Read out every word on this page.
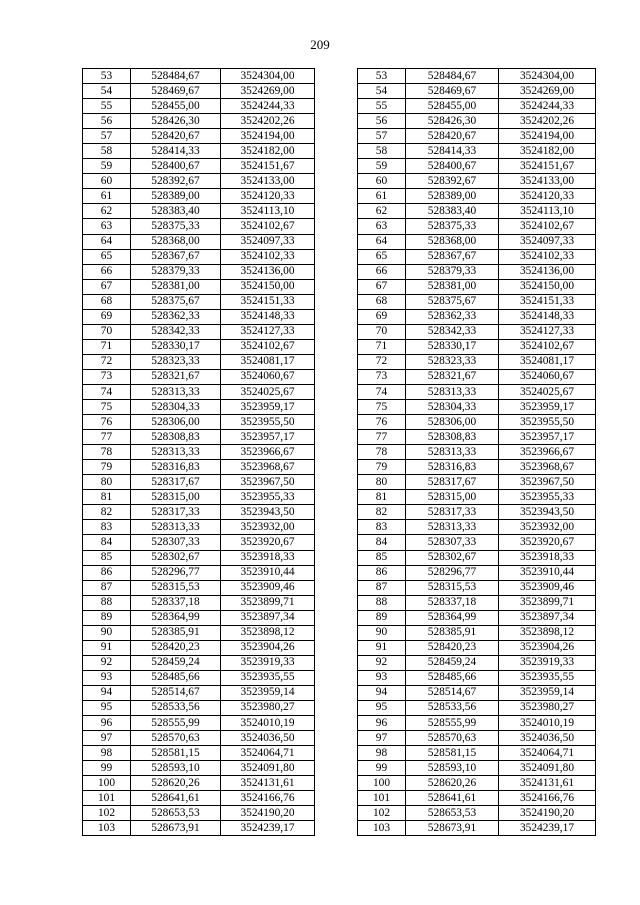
209
53	528484,67	3524304,00
54	528469,67	3524269,00
55	528455,00	3524244,33
56	528426,30	3524202,26
57	528420,67	3524194,00
58	528414,33	3524182,00
59	528400,67	3524151,67
60	528392,67	3524133,00
61	528389,00	3524120,33
62	528383,40	3524113,10
63	528375,33	3524102,67
64	528368,00	3524097,33
65	528367,67	3524102,33
66	528379,33	3524136,00
67	528381,00	3524150,00
68	528375,67	3524151,33
69	528362,33	3524148,33
70	528342,33	3524127,33
71	528330,17	3524102,67
72	528323,33	3524081,17
73	528321,67	3524060,67
74	528313,33	3524025,67
75	528304,33	3523959,17
76	528306,00	3523955,50
77	528308,83	3523957,17
78	528313,33	3523966,67
79	528316,83	3523968,67
80	528317,67	3523967,50
81	528315,00	3523955,33
82	528317,33	3523943,50
83	528313,33	3523932,00
84	528307,33	3523920,67
85	528302,67	3523918,33
86	528296,77	3523910,44
87	528315,53	3523909,46
88	528337,18	3523899,71
89	528364,99	3523897,34
90	528385,91	3523898,12
91	528420,23	3523904,26
92	528459,24	3523919,33
93	528485,66	3523935,55
94	528514,67	3523959,14
95	528533,56	3523980,27
96	528555,99	3524010,19
97	528570,63	3524036,50
98	528581,15	3524064,71
99	528593,10	3524091,80
100	528620,26	3524131,61
101	528641,61	3524166,76
102	528653,53	3524190,20
103	528673,91	3524239,17
53	528484,67	3524304,00
54	528469,67	3524269,00
55	528455,00	3524244,33
56	528426,30	3524202,26
57	528420,67	3524194,00
58	528414,33	3524182,00
59	528400,67	3524151,67
60	528392,67	3524133,00
61	528389,00	3524120,33
62	528383,40	3524113,10
63	528375,33	3524102,67
64	528368,00	3524097,33
65	528367,67	3524102,33
66	528379,33	3524136,00
67	528381,00	3524150,00
68	528375,67	3524151,33
69	528362,33	3524148,33
70	528342,33	3524127,33
71	528330,17	3524102,67
72	528323,33	3524081,17
73	528321,67	3524060,67
74	528313,33	3524025,67
75	528304,33	3523959,17
76	528306,00	3523955,50
77	528308,83	3523957,17
78	528313,33	3523966,67
79	528316,83	3523968,67
80	528317,67	3523967,50
81	528315,00	3523955,33
82	528317,33	3523943,50
83	528313,33	3523932,00
84	528307,33	3523920,67
85	528302,67	3523918,33
86	528296,77	3523910,44
87	528315,53	3523909,46
88	528337,18	3523899,71
89	528364,99	3523897,34
90	528385,91	3523898,12
91	528420,23	3523904,26
92	528459,24	3523919,33
93	528485,66	3523935,55
94	528514,67	3523959,14
95	528533,56	3523980,27
96	528555,99	3524010,19
97	528570,63	3524036,50
98	528581,15	3524064,71
99	528593,10	3524091,80
100	528620,26	3524131,61
101	528641,61	3524166,76
102	528653,53	3524190,20
103	528673,91	3524239,17
